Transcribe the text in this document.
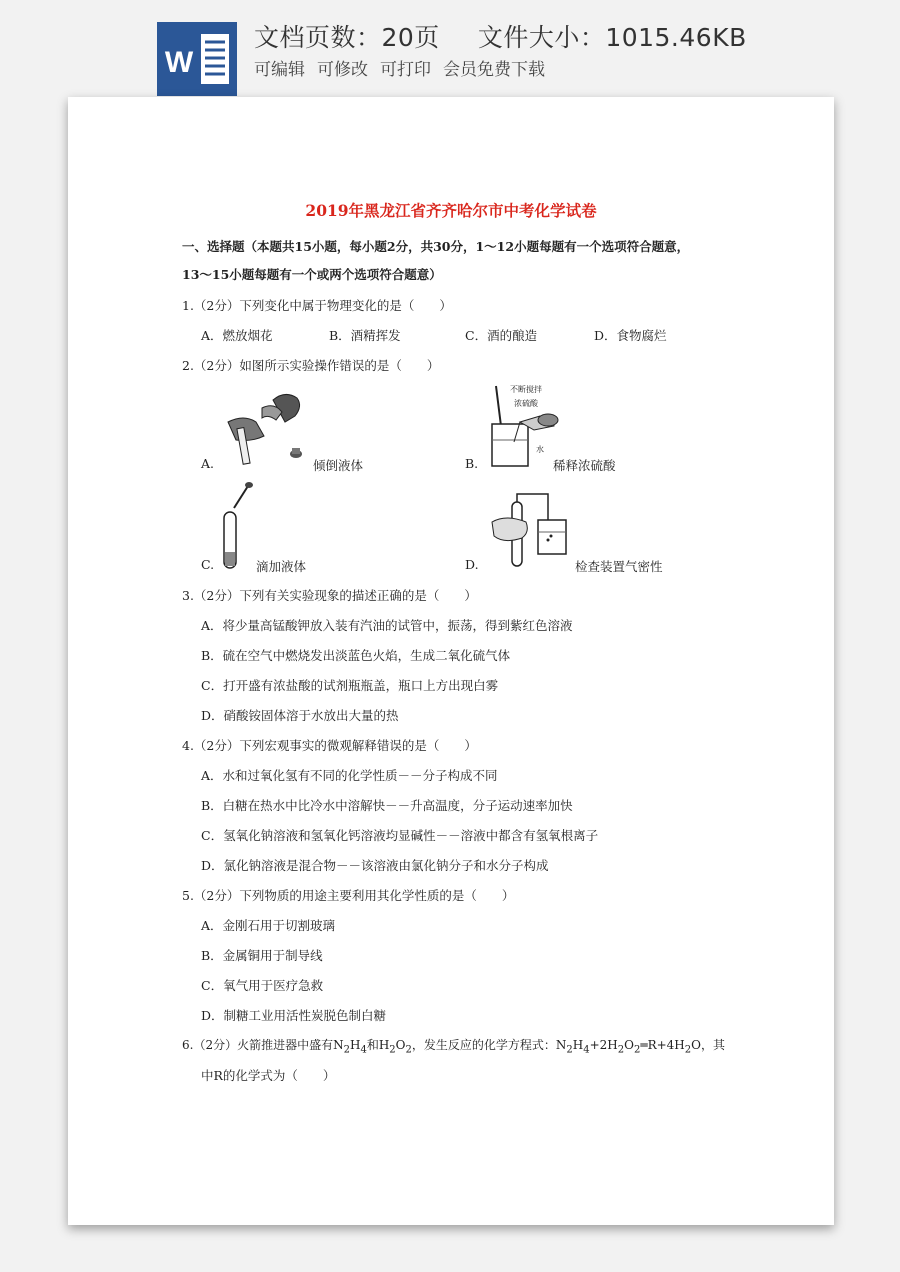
W
文档页数：20页 文件大小：1015.46KB
可编辑 可修改 可打印 会员免费下载
2019年黑龙江省齐齐哈尔市中考化学试卷
一、选择题（本题共15小题，每小题2分，共30分，1～12小题每题有一个选项符合题意，
13～15小题每题有一个或两个选项符合题意）
1.（2分）下列变化中属于物理变化的是（　　）
A．燃放烟花	B．酒精挥发	C．酒的酿造	D．食物腐烂
2.（2分）如图所示实验操作错误的是（　　）
A.	倾倒液体	B.
不断搅拌
浓硫酸
水
稀释浓硫酸
C.	滴加液体	D.	检查装置气密性
3.（2分）下列有关实验现象的描述正确的是（　　）
A．将少量高锰酸钾放入装有汽油的试管中，振荡，得到紫红色溶液
B．硫在空气中燃烧发出淡蓝色火焰，生成二氧化硫气体
C．打开盛有浓盐酸的试剂瓶瓶盖，瓶口上方出现白雾
D．硝酸铵固体溶于水放出大量的热
4.（2分）下列宏观事实的微观解释错误的是（　　）
A．水和过氧化氢有不同的化学性质－－分子构成不同
B．白糖在热水中比冷水中溶解快－－升高温度，分子运动速率加快
C．氢氧化钠溶液和氢氧化钙溶液均显碱性－－溶液中都含有氢氧根离子
D．氯化钠溶液是混合物－－该溶液由氯化钠分子和水分子构成
5.（2分）下列物质的用途主要利用其化学性质的是（　　）
A．金刚石用于切割玻璃
B．金属铜用于制导线
C．氧气用于医疗急救
D．制糖工业用活性炭脱色制白糖
6.（2分）火箭推进器中盛有$N_2H_4$和$H_2O_2$，发生反应的化学方程式：$N_2H_4+2H_2O_2═R+4H_2O$，其
中R的化学式为（　　）
